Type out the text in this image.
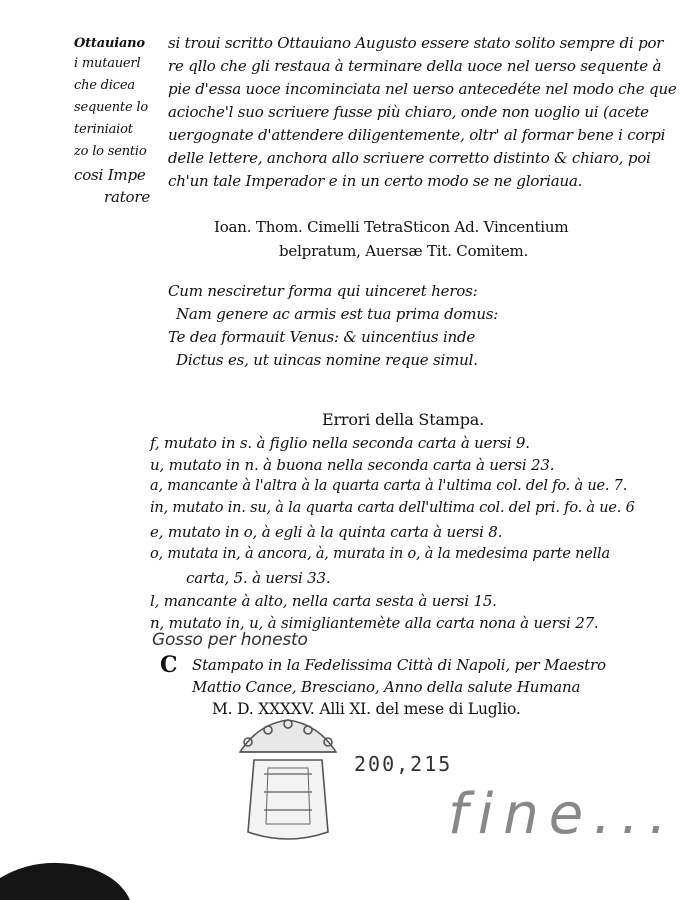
Ottauiano
i mutauerl
che dicea
sequente lo
teriniaiot
zo lo sentio
cosi Impe
ratore
si troui scritto Ottauiano Augusto essere stato solito sempre di por
re qllo che gli restaua à terminare della uoce nel uerso sequente à
pie d'essa uoce incominciata nel uerso antecedéte nel modo che que
acioche'l suo scriuere fusse più chiaro, onde non uoglio ui (acete
uergognate d'attendere diligentemente, oltr' al formar bene i corpi
delle lettere, anchora allo scriuere corretto distinto & chiaro, poi
ch'un tale Imperador e in un certo modo se ne gloriaua.
Ioan. Thom. Cimelli TetraSticon Ad. Vincentium
belpratum, Auersæ Tit. Comitem.
Cum nesciretur forma qui uinceret heros:
Nam genere ac armis est tua prima domus:
Te dea formauit Venus: & uincentius inde
Dictus es, ut uincas nomine reque simul.
Errori della Stampa.
f, mutato in s. à figlio nella seconda carta à uersi 9.
u, mutato in n. à buona nella seconda carta à uersi 23.
a, mancante à l'altra à la quarta carta à l'ultima col. del fo. à ue. 7.
in, mutato in. su, à la quarta carta dell'ultima col. del pri. fo. à ue. 6
e, mutato in o, à egli à la quinta carta à uersi 8.
o, mutata in, à ancora, à, murata in o, à la medesima parte nella
carta, 5. à uersi 33.
l, mancante à alto, nella carta sesta à uersi 15.
n, mutato in, u, à simigliantemète alla carta nona à uersi 27.
Gosso per honesto
C Stampato in la Fedelissima Città di Napoli, per Maestro
Mattio Cance, Bresciano, Anno della salute Humana
M. D. XXXXV. Alli XI. del mese di Luglio.
200,215
fine...
